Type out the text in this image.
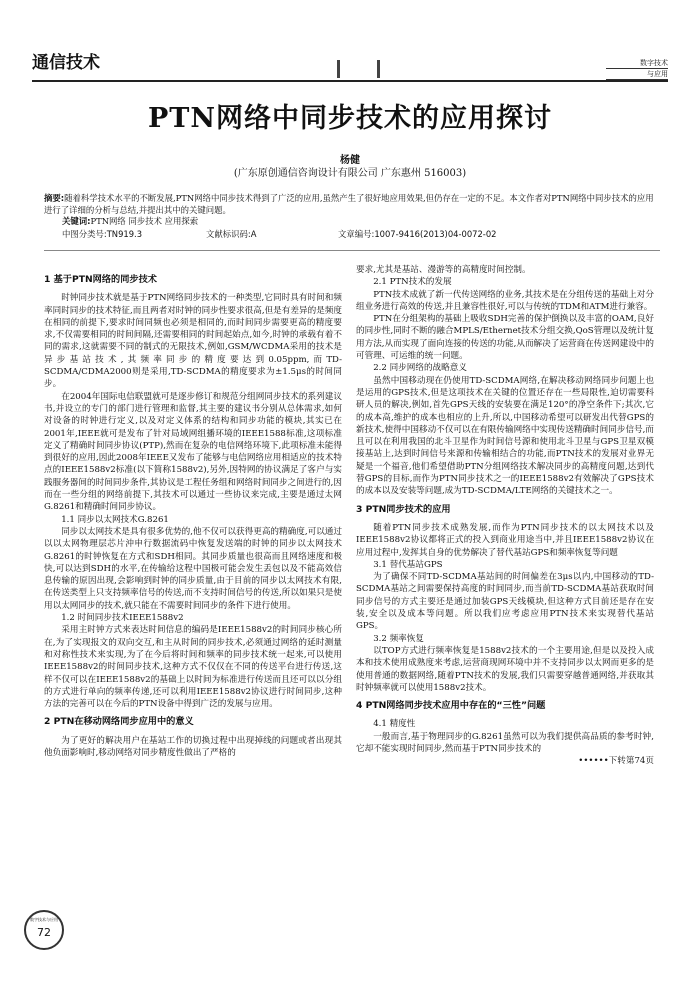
通信技术	数字技术
与应用
PTN网络中同步技术的应用探讨
杨健
(广东原创通信咨询设计有限公司 广东惠州 516003)
摘要:随着科学技术水平的不断发展,PTN网络中同步技术得到了广泛的应用,虽然产生了很好地应用效果,但仍存在一定的不足。本文作者对PTN网络中同步技术的应用进行了详细的分析与总结,并提出其中的关键问题。
关键词:PTN网络 同步技术 应用探索
中图分类号:TN919.3	文献标识码:A	文章编号:1007-9416(2013)04-0072-02
1 基于PTN网络的同步技术

时钟同步技术就是基于PTN网络同步技术的一种类型,它同时具有时间和频率同时同步的技术特征,而且两者对时钟的同步性要求很高,但是有差异的是频度在相同的前提下,要求时间同频也必须是相同的,而时间同步需要更高的精度要求,不仅需要相同的时间间隔,还需要相同的时间起始点,如今,时钟的承载有着不同的需求,这就需要不同的制式的无限技术,例如,GSM/WCDMA采用的技术是异步基站技术,其频率同步的精度要达到0.05ppm,而TD-SCDMA/CDMA2000则是采用,TD-SCDMA的精度要求为±1.5μs的时间同步。

在2004年国际电信联盟就可是逐步修订和规范分组网同步技术的系列建议书,并设立的专门的部门进行管理和监督,其主要的建议书分别从总体需求,如何对设备的时钟进行定义,以及对定义体系的结构和同步功能的模块,其实已在2001年,IEEE就可是发布了针对局域网组播环境的IEEE1588标准,这项标准定义了精确时间同步协议(PTP),然而在复杂的电信网络环境下,此项标准未能得到很好的应用,因此2008年IEEE又发布了能够与电信网络应用相适应的技术特点的IEEE1588v2标准(以下简称1588v2),另外,因特网的协议满足了客户与实践服务器间的时间同步条件,其协议是工程任务组和网络时间同步之间进行的,因而在一些分组的网络前提下,其技术可以通过一些协议来完成,主要是通过太网G.8261和精确时间同步协议。

1.1 同步以太网技术G.8261

同步以太网技术是具有很多优势的,他不仅可以获得更高的精确度,可以通过以以太网物理层芯片沖申行数据流码中恢复发送端的时钟的同步以太网技术G.8261的时钟恢复在方式和SDH相同。其同步质量也很高而且网络速度和极快,可以达到SDH的水平,在传输给这程中国极可能会发生丢包以及不能高效信息传输的原因出现,会影响到时钟的同步质量,由于目前的同步以太网技术有限,在传送类型上只支持频率信号的传送,而不支持时间信号的传送,所以如果只是使用以太网同步的技术,就只能在不需要时间同步的条件下进行使用。

1.2 时间同步技术IEEE1588v2

采用主时钟方式来表达时间信息的编码是IEEE1588v2的时间同步核心所在,为了实现报文的双向交互,和主从时间的同步技术,必须通过网络的延时测量和对称性技术来实现,为了在今后将时间和频率的同步技术统一起来,可以使用IEEE1588v2的时间同步技术,这种方式不仅仅在不同的传送平台进行传送,这样不仅可以在IEEE1588v2的基础上以时间为标准进行传送而且还可以以分组的方式进行单向的频率传递,还可以利用IEEE1588v2协议进行时间同步,这种方法的完善可以在今后的PTN设备中得到广泛的发展与应用。

2 PTN在移动网络同步应用中的意义

为了更好的解决用户在基站工作的切换过程中出现掉线的问题或者出现其他负面影响时,移动网络对同步精度性做出了严格的

要求,尤其是基站、漫游等的高精度时间控制。

2.1 PTN技术的发展

PTN技术成就了新一代传送网络的业务,其技术是在分组传送的基础上对分组业务进行高效的传送,并且兼容性很好,可以与传统的TDM和ATM进行兼容。

PTN在分组架构的基础上吸收SDH完善的保护倒换以及丰富的OAM,良好的同步性,同时不断的融合MPLS/Ethernet技术分组交换,QoS管理以及统计复用方法,从而实现了面向连接的传送的功能,从而解决了运营商在传送网建设中的可管理、可运维的统一问题。

2.2 同步网络的战略意义

虽然中国移动现在仍使用TD-SCDMA网络,在解决移动网络同步问题上也是运用的GPS技术,但是这项技术在关键的位置还存在一些局限性,迫切需要科研人员的解决,例如,首先GPS天线的安装要在满足120°的净空条件下;其次,它的成本高,维护的成本也相应的上升,所以,中国移动希望可以研发出代替GPS的新技术,使得中国移动不仅可以在有限传输网络中实现传送精确时间同步信号,而且可以在利用我国的北斗卫星作为时间信号源和使用北斗卫星与GPS卫星双模接基站上,达到时间信号来源和传输相结合的功能,而PTN技术的发展对业界无疑是一个福音,他们希望借助PTN分组网络技术解决同步的高精度问题,达到代替GPS的目标,而作为PTN同步技术之一的IEEE1588v2有效解决了GPS技术的成本以及安装等问题,成为TD-SCDMA/LTE网络的关键技术之一。

3 PTN同步技术的应用

随着PTN同步技术成熟发展,而作为PTN同步技术的以太网技术以及IEEE1588v2协议都将正式的投入到商业用途当中,并且IEEE1588v2协议在应用过程中,发挥其自身的优势解决了替代基站GPS和频率恢复等问题

3.1 替代基站GPS

为了确保不同TD-SCDMA基站间的时间偏差在3μs以内,中国移动的TD-SCDMA基站之间需要保持高度的时间同步,而当前TD-SCDMA基站获取时间同步信号的方式主要还是通过加装GPS天线模块,但这种方式目前还是存在安装,安全以及成本等问题。所以我们应考虑应用PTN技术来实现替代基站GPS。

3.2 频率恢复

以TOP方式进行频率恢复是1588v2技术的一个主要用途,但是以及投入成本和技术使用成熟度来考虑,运营商现网环境中并不支持同步以太网而更多的是使用普通的数据网络,随着PTN技术的发展,我们只需要穿越普通网络,并获取其时钟频率就可以使用1588v2技术。

4 PTN网络同步技术应用中存在的“三性”问题
4.1 精度性

一般而言,基于物理同步的G.8261虽然可以为我们提供高品质的参考时钟,它却不能实现时间同步,然而基于PTN同步技术的

••••••下转第74页
数字技术与应用
72
